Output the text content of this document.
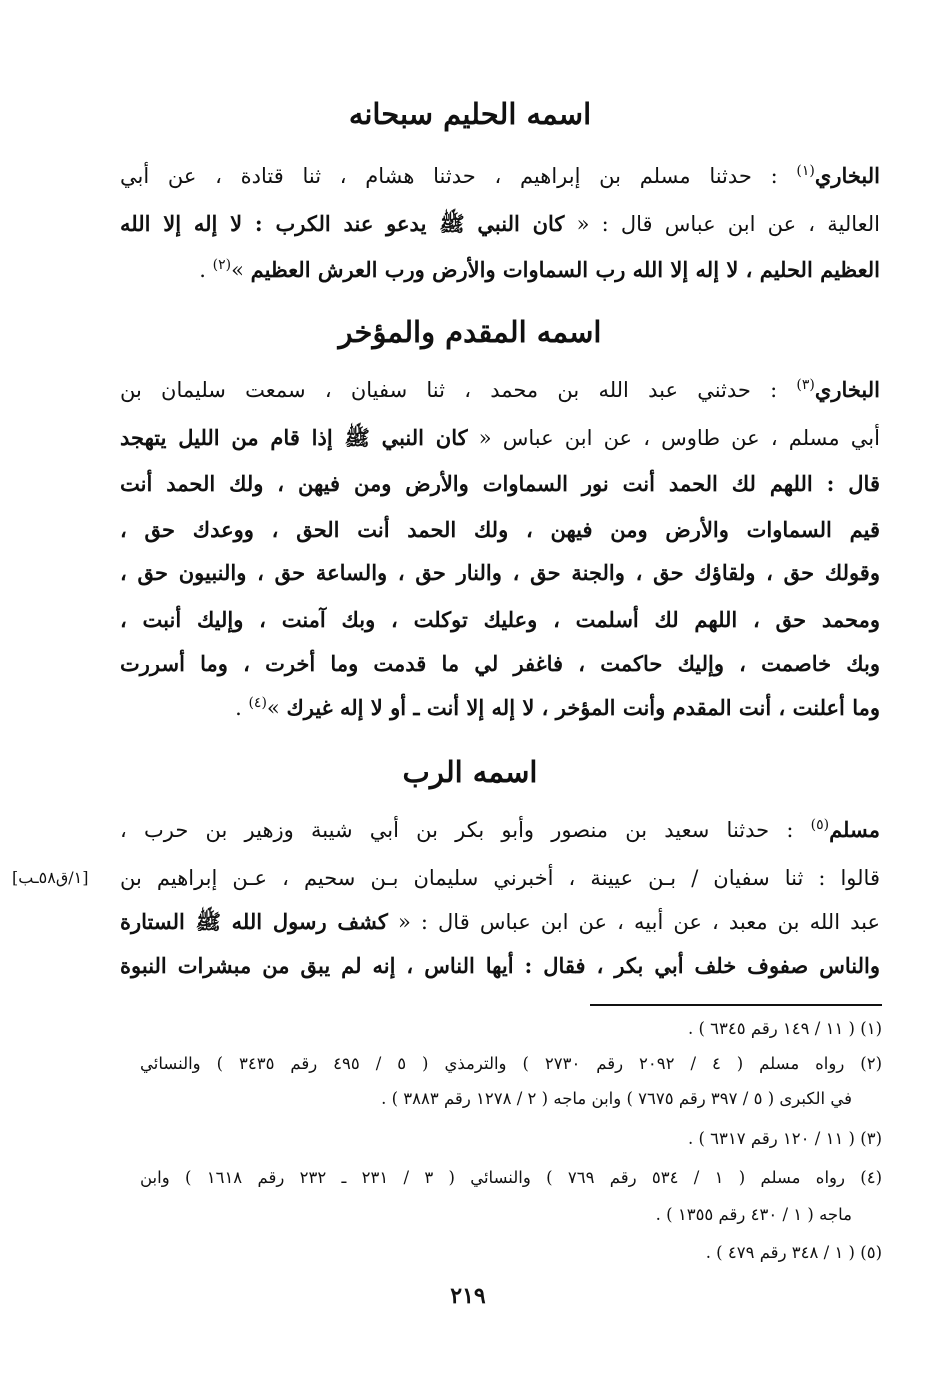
اسمه الحليم سبحانه
البخاري$^{(١)}$ : حدثنا مسلم بن إبراهيم ، حدثنا هشام ، ثنا قتادة ، عن أبي
العالية ، عن ابن عباس قال : « كان النبي ﷺ يدعو عند الكرب : لا إله إلا الله
العظيم الحليم ، لا إله إلا الله رب السماوات والأرض ورب العرش العظيم »$^{(٢)}$ .
اسمه المقدم والمؤخر
البخاري$^{(٣)}$ : حدثني عبد الله بن محمد ، ثنا سفيان ، سمعت سليمان بن
أبي مسلم ، عن طاوس ، عن ابن عباس « كان النبي ﷺ إذا قام من الليل يتهجد
قال : اللهم لك الحمد أنت نور السماوات والأرض ومن فيهن ، ولك الحمد أنت
قيم السماوات والأرض ومن فيهن ، ولك الحمد أنت الحق ، ووعدك حق ،
وقولك حق ، ولقاؤك حق ، والجنة حق ، والنار حق ، والساعة حق ، والنبيون حق ،
ومحمد حق ، اللهم لك أسلمت ، وعليك توكلت ، وبك آمنت ، وإليك أنبت ،
وبك خاصمت ، وإليك حاكمت ، فاغفر لي ما قدمت وما أخرت ، وما أسررت
وما أعلنت ، أنت المقدم وأنت المؤخر ، لا إله إلا أنت ـ أو لا إله غيرك »$^{(٤)}$ .
اسمه الرب
مسلم$^{(٥)}$ : حدثنا سعيد بن منصور وأبو بكر بن أبي شيبة وزهير بن حرب ،
قالوا : ثنا سفيان / بـن عيينة ، أخبرني سليمان بـن سحيم ، عـن إبراهيم بن
عبد الله بن معبد ، عن أبيه ، عن ابن عباس قال : « كشف رسول الله ﷺ الستارة
والناس صفوف خلف أبي بكر ، فقال : أيها الناس ، إنه لم يبق من مبشرات النبوة
[١/ق٥٨ـب]
(١) ( ١١ / ١٤٩ رقم ٦٣٤٥ ) .
(٢) رواه مسلم ( ٤ / ٢٠٩٢ رقم ٢٧٣٠ ) والترمذي ( ٥ / ٤٩٥ رقم ٣٤٣٥ ) والنسائي
في الكبرى ( ٥ / ٣٩٧ رقم ٧٦٧٥ ) وابن ماجه ( ٢ / ١٢٧٨ رقم ٣٨٨٣ ) .
(٣) ( ١١ / ١٢٠ رقم ٦٣١٧ ) .
(٤) رواه مسلم ( ١ / ٥٣٤ رقم ٧٦٩ ) والنسائي ( ٣ / ٢٣١ ـ ٢٣٢ رقم ١٦١٨ ) وابن
ماجه ( ١ / ٤٣٠ رقم ١٣٥٥ ) .
(٥) ( ١ / ٣٤٨ رقم ٤٧٩ ) .
٢١٩
